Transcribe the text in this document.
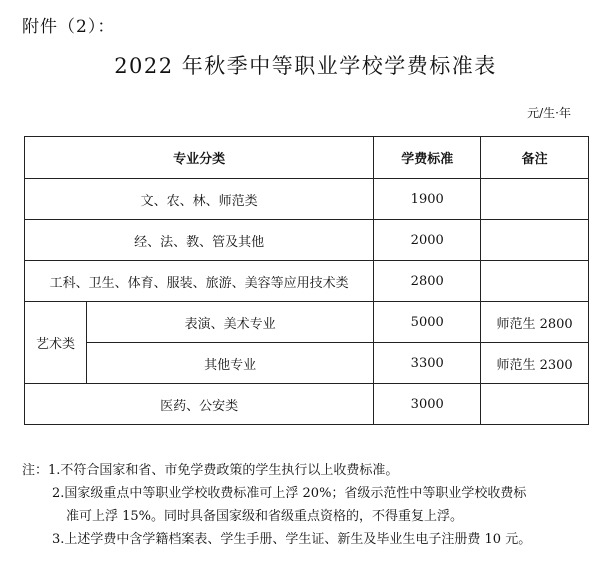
附件（2）：
2022 年秋季中等职业学校学费标准表
元/生·年
专业分类		学费标准	备注
文、农、林、师范类		1900	
经、法、教、管及其他		2000	
工科、卫生、体育、服装、旅游、美容等应用技术类		2800	
艺术类	表演、美术专业	5000	师范生 2800
	其他专业	3300	师范生 2300
医药、公安类		3000	
注：1.不符合国家和省、市免学费政策的学生执行以上收费标准。
2.国家级重点中等职业学校收费标准可上浮 20%；省级示范性中等职业学校收费标
准可上浮 15%。同时具备国家级和省级重点资格的，不得重复上浮。
3.上述学费中含学籍档案表、学生手册、学生证、新生及毕业生电子注册费 10 元。
